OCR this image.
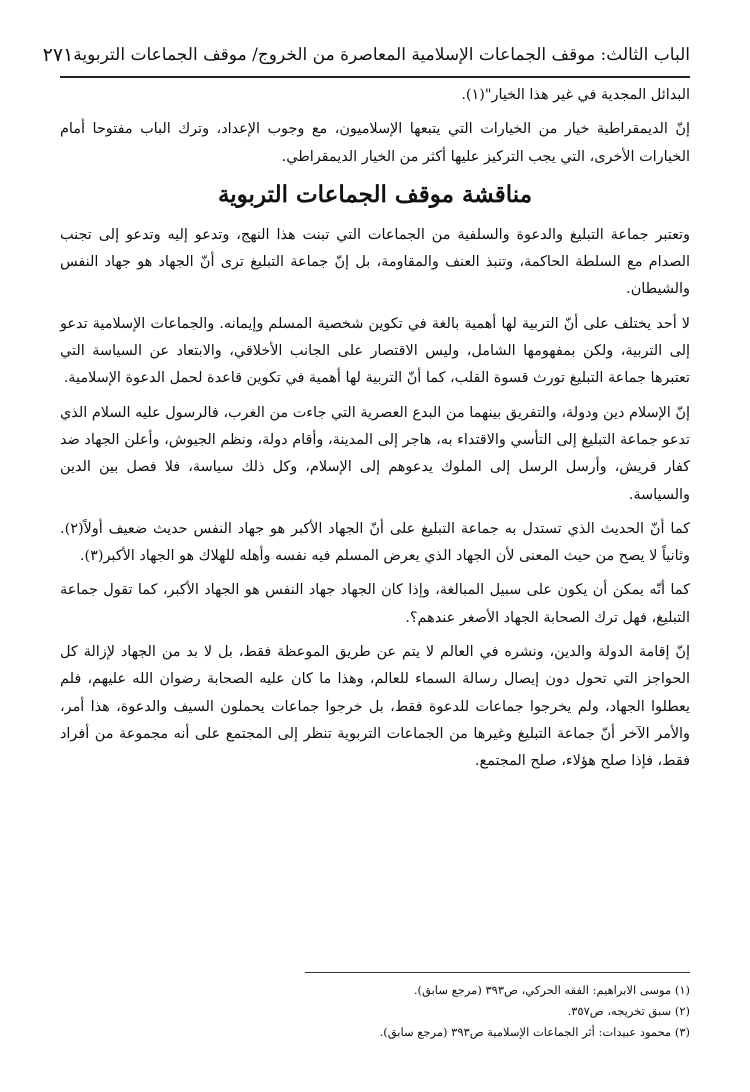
الباب الثالث: موقف الجماعات الإسلامية المعاصرة من الخروج/ موقف الجماعات التربوية
٢٧١

البدائل المجدية في غير هذا الخيار"(١).

إنّ الديمقراطية خيار من الخيارات التي يتبعها الإسلاميون، مع وجوب الإعداد، وترك الباب مفتوحا أمام الخيارات الأخرى، التي يجب التركيز عليها أكثر من الخيار الديمقراطي.

مناقشة موقف الجماعات التربوية

وتعتبر جماعة التبليغ والدعوة والسلفية من الجماعات التي تبنت هذا النهج، وتدعو إليه وتدعو إلى تجنب الصدام مع السلطة الحاكمة، وتنبذ العنف والمقاومة، بل إنّ جماعة التبليغ ترى أنّ الجهاد هو جهاد النفس والشيطان.

لا أحد يختلف على أنّ التربية لها أهمية بالغة في تكوين شخصية المسلم وإيمانه. والجماعات الإسلامية تدعو إلى التربية، ولكن بمفهومها الشامل، وليس الاقتصار على الجانب الأخلاقي، والابتعاد عن السياسة التي تعتبرها جماعة التبليغ تورث قسوة القلب، كما أنّ التربية لها أهمية في تكوين قاعدة لحمل الدعوة الإسلامية.

إنّ الإسلام دين ودولة، والتفريق بينهما من البدع العصرية التي جاءت من الغرب، فالرسول عليه السلام الذي تدعو جماعة التبليغ إلى التأسي والاقتداء به، هاجر إلى المدينة، وأقام دولة، ونظم الجيوش، وأعلن الجهاد ضد كفار قريش، وأرسل الرسل إلى الملوك يدعوهم إلى الإسلام، وكل ذلك سياسة، فلا فصل بين الدين والسياسة.

كما أنّ الحديث الذي تستدل به جماعة التبليغ على أنّ الجهاد الأكبر هو جهاد النفس حديث ضعيف أولاً(٢). وثانياً لا يصح من حيث المعنى لأن الجهاد الذي يعرض المسلم فيه نفسه وأهله للهلاك هو الجهاد الأكبر(٣).

كما أنّه يمكن أن يكون على سبيل المبالغة، وإذا كان الجهاد جهاد النفس هو الجهاد الأكبر، كما تقول جماعة التبليغ، فهل ترك الصحابة الجهاد الأصغر عندهم؟.

إنّ إقامة الدولة والدين، ونشره في العالم لا يتم عن طريق الموعظة فقط، بل لا بد من الجهاد لإزالة كل الحواجز التي تحول دون إيصال رسالة السماء للعالم، وهذا ما كان عليه الصحابة رضوان الله عليهم، فلم يعطلوا الجهاد، ولم يخرجوا جماعات للدعوة فقط، بل خرجوا جماعات يحملون السيف والدعوة، هذا أمر، والأمر الآخر أنّ جماعة التبليغ وغيرها من الجماعات التربوية تنظر إلى المجتمع على أنه مجموعة من أفراد فقط، فإذا صلح هؤلاء، صلح المجتمع.

(١) موسى الابراهيم: الفقه الحركي، ص٣٩٣ (مرجع سابق).

(٢) سبق تخريجه، ص٣٥٧.

(٣) محمود عبيدات: أثر الجماعات الإسلامية ص٣٩٣ (مرجع سابق).
